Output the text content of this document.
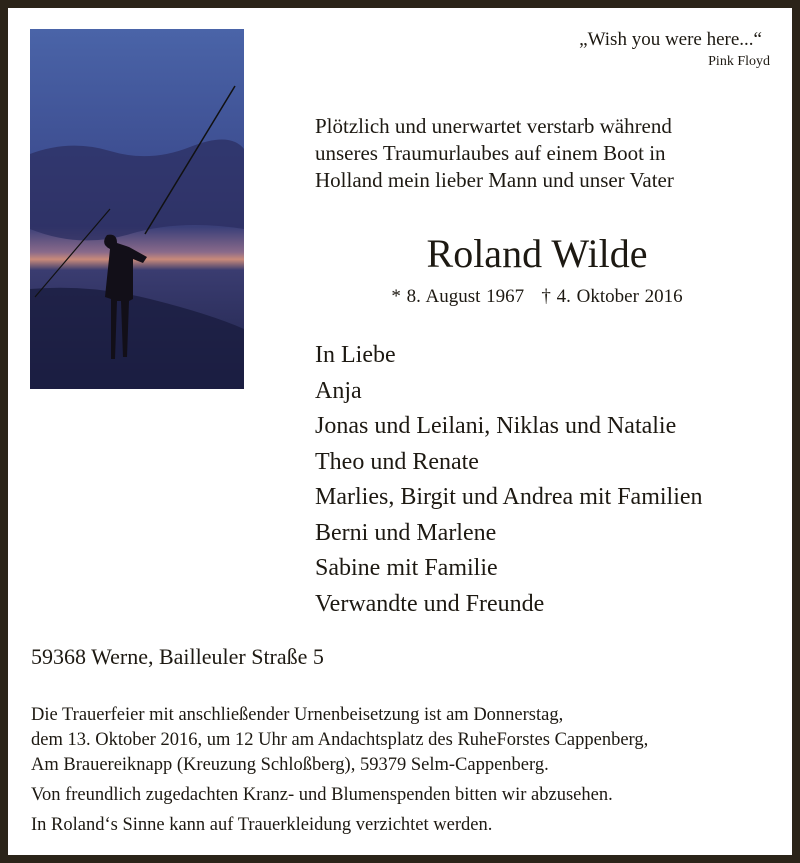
„Wish you were here...“
Pink Floyd
Plötzlich und unerwartet verstarb während
unseres Traumurlaubes auf einem Boot in
Holland mein lieber Mann und unser Vater
Roland Wilde
* 8. August 1967 † 4. Oktober 2016
In Liebe
Anja
Jonas und Leilani, Niklas und Natalie
Theo und Renate
Marlies, Birgit und Andrea mit Familien
Berni und Marlene
Sabine mit Familie
Verwandte und Freunde
59368 Werne, Bailleuler Straße 5
Die Trauerfeier mit anschließender Urnenbeisetzung ist am Donnerstag,
dem 13. Oktober 2016, um 12 Uhr am Andachtsplatz des RuheForstes Cappenberg,
Am Brauereiknapp (Kreuzung Schloßberg), 59379 Selm-Cappenberg.
Von freundlich zugedachten Kranz- und Blumenspenden bitten wir abzusehen.
In Roland‘s Sinne kann auf Trauerkleidung verzichtet werden.
